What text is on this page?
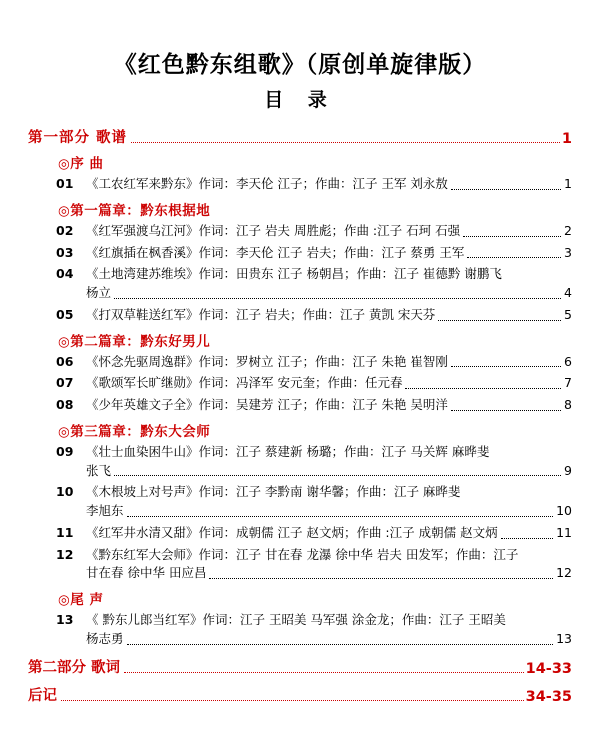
《红色黔东组歌》（原创单旋律版）
目 录
第一部分 歌谱	1
◎序 曲
01	《工农红军来黔东》作词：李天伦 江子；作曲：江子 王军 刘永敖	1
◎第一篇章：黔东根据地
02	《红军强渡乌江河》作词：江子 岩夫 周胜彪；作曲 :江子 石珂 石强	2
03	《红旗插在枫香溪》作词：李天伦 江子 岩夫；作曲：江子 蔡勇 王军	3
04	《土地湾建苏维埃》作词：田贵东 江子 杨朝昌；作曲：江子 崔德黔 谢鹏飞
杨立	4
05	《打双草鞋送红军》作词：江子 岩夫；作曲：江子 黄凯 宋天芬	5
◎第二篇章：黔东好男儿
06	《怀念先驱周逸群》作词：罗树立 江子；作曲：江子 朱艳 崔智刚	6
07	《歌颂军长旷继勋》作词：冯泽军 安元奎；作曲：任元春	7
08	《少年英雄文子全》作词：吴建芳 江子；作曲：江子 朱艳 吴明洋	8
◎第三篇章：黔东大会师
09	《壮士血染困牛山》作词：江子 蔡建新 杨璐；作曲：江子 马关辉 麻晔斐
张飞	9
10	《木根坡上对号声》作词：江子 李黔南 谢华馨；作曲：江子 麻晔斐
李旭东	10
11	《红军井水清又甜》作词：成朝儒 江子 赵文炳；作曲 :江子 成朝儒 赵文炳	11
12	《黔东红军大会师》作词：江子 甘在春 龙瀑 徐中华 岩夫 田发军；作曲：江子
甘在春 徐中华 田应昌	12
◎尾 声
13	《 黔东儿郎当红军》作词：江子 王昭美 马军强 涂金龙；作曲：江子 王昭美
杨志勇	13
第二部分 歌词	14-33
后记	34-35
